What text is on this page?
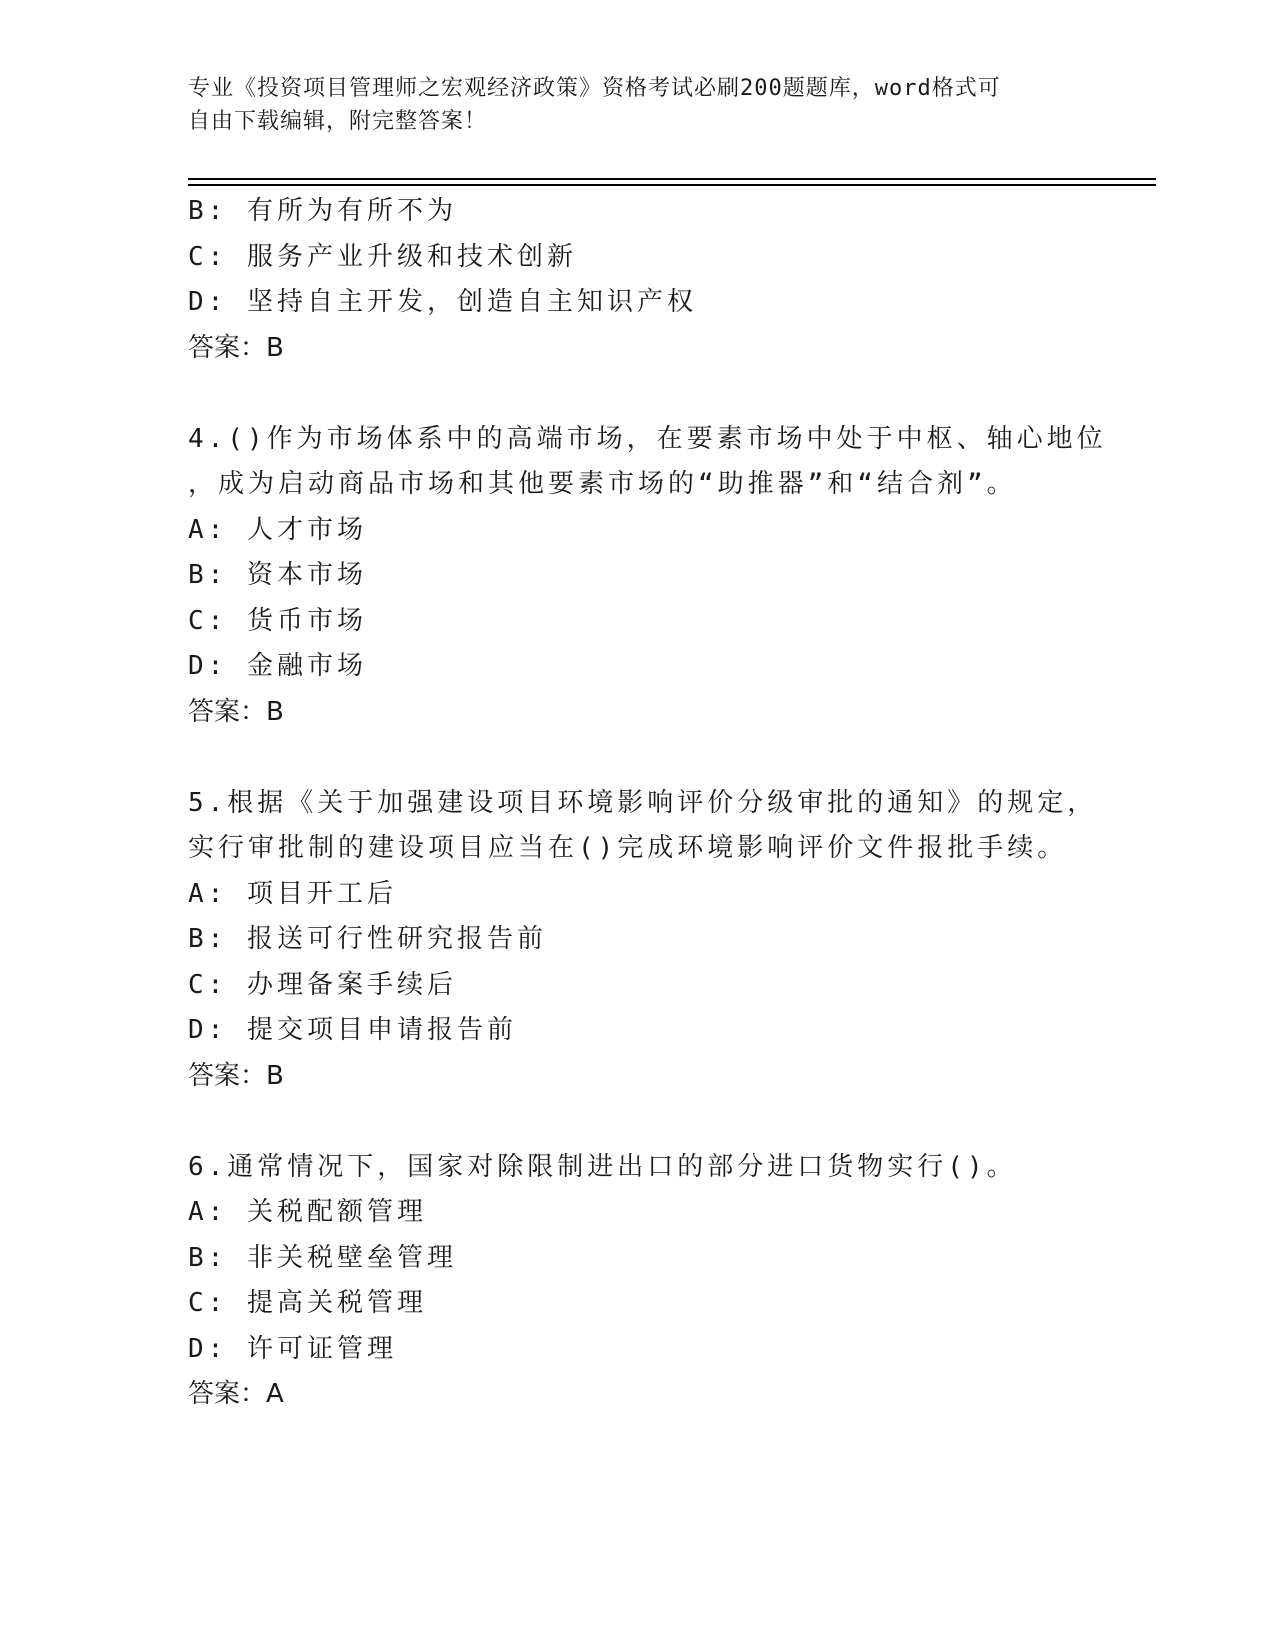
专业《投资项目管理师之宏观经济政策》资格考试必刷200题题库，word格式可
自由下载编辑，附完整答案！
B: 有所为有所不为
C: 服务产业升级和技术创新
D: 坚持自主开发，创造自主知识产权
答案：B
4.()作为市场体系中的高端市场，在要素市场中处于中枢、轴心地位
，成为启动商品市场和其他要素市场的“助推器”和“结合剂”。
A: 人才市场
B: 资本市场
C: 货币市场
D: 金融市场
答案：B
5.根据《关于加强建设项目环境影响评价分级审批的通知》的规定，
实行审批制的建设项目应当在()完成环境影响评价文件报批手续。
A: 项目开工后
B: 报送可行性研究报告前
C: 办理备案手续后
D: 提交项目申请报告前
答案：B
6.通常情况下，国家对除限制进出口的部分进口货物实行()。
A: 关税配额管理
B: 非关税壁垒管理
C: 提高关税管理
D: 许可证管理
答案：A
